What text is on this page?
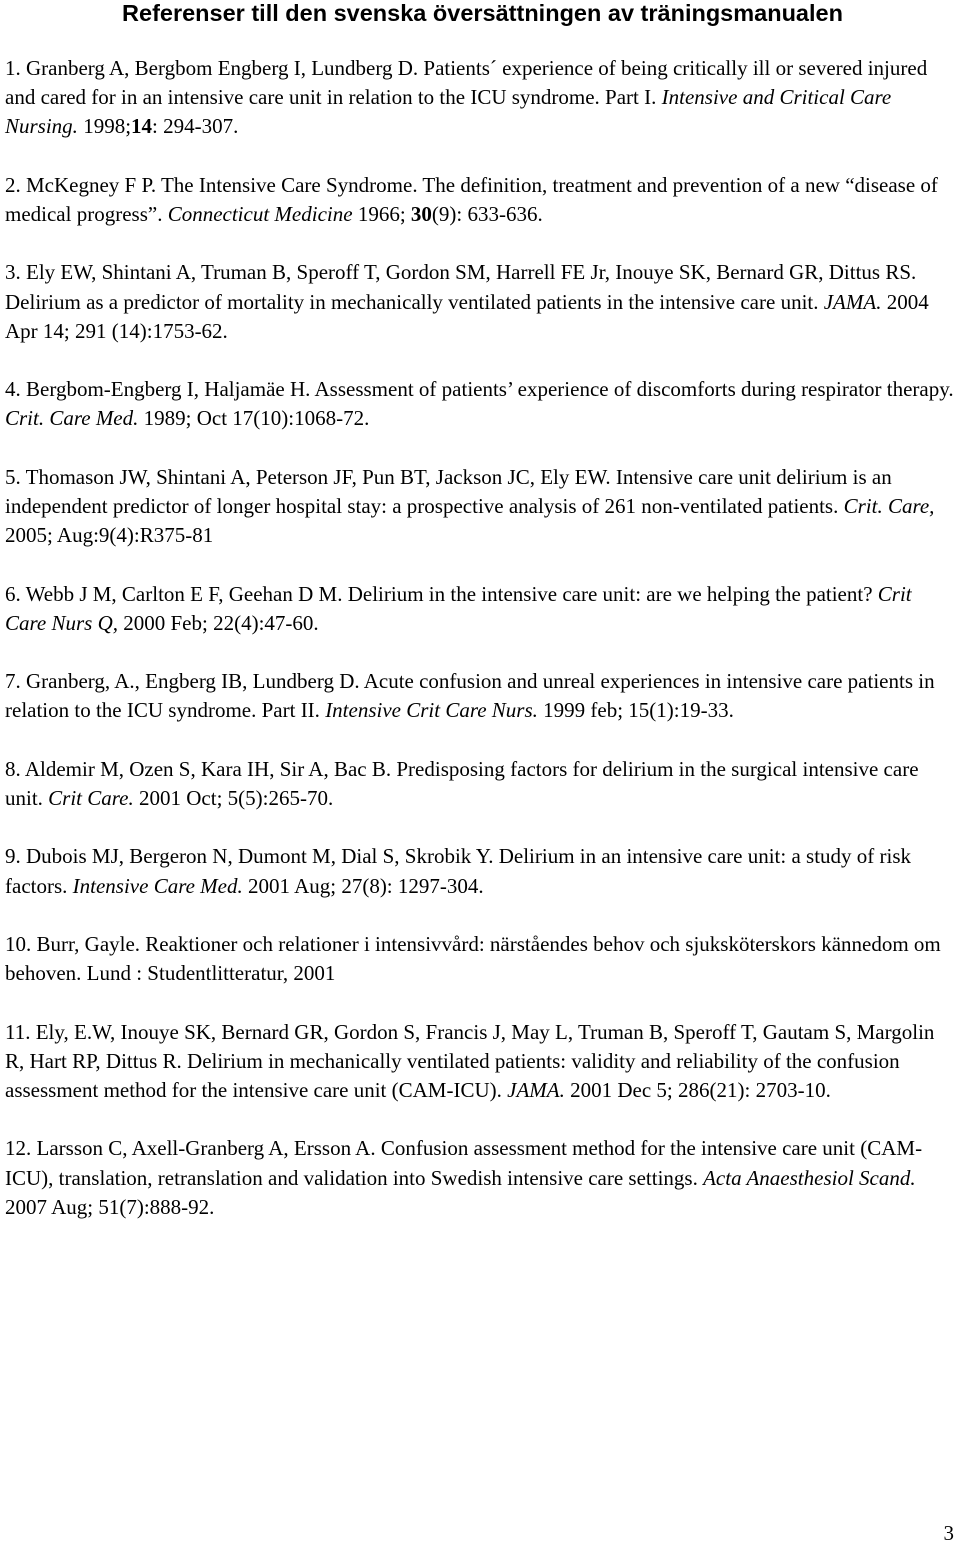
Referenser till den svenska översättningen av träningsmanualen
1. Granberg A, Bergbom Engberg I, Lundberg D. Patients´ experience of being critically ill or severed injured and cared for in an intensive care unit in relation to the ICU syndrome. Part I. Intensive and Critical Care Nursing. 1998;14: 294-307.
2. McKegney F P. The Intensive Care Syndrome. The definition, treatment and prevention of a new “disease of medical progress”. Connecticut Medicine 1966; 30(9): 633-636.
3. Ely EW, Shintani A, Truman B, Speroff T, Gordon SM, Harrell FE Jr, Inouye SK, Bernard GR, Dittus RS. Delirium as a predictor of mortality in mechanically ventilated patients in the intensive care unit. JAMA. 2004 Apr 14; 291 (14):1753-62.
4. Bergbom-Engberg I, Haljamäe H. Assessment of patients’ experience of discomforts during respirator therapy. Crit. Care Med. 1989; Oct 17(10):1068-72.
5. Thomason JW, Shintani A, Peterson JF, Pun BT, Jackson JC, Ely EW. Intensive care unit delirium is an independent predictor of longer hospital stay: a prospective analysis of 261 non-ventilated patients. Crit. Care, 2005; Aug:9(4):R375-81
6. Webb J M, Carlton E F, Geehan D M. Delirium in the intensive care unit: are we helping the patient? Crit Care Nurs Q, 2000 Feb; 22(4):47-60.
7. Granberg, A., Engberg IB, Lundberg D. Acute confusion and unreal experiences in intensive care patients in relation to the ICU syndrome. Part II. Intensive Crit Care Nurs. 1999 feb; 15(1):19-33.
8. Aldemir M, Ozen S, Kara IH, Sir A, Bac B. Predisposing factors for delirium in the surgical intensive care unit. Crit Care. 2001 Oct; 5(5):265-70.
9. Dubois MJ, Bergeron N, Dumont M, Dial S, Skrobik Y. Delirium in an intensive care unit: a study of risk factors. Intensive Care Med. 2001 Aug; 27(8): 1297-304.
10. Burr, Gayle. Reaktioner och relationer i intensivvård: närståendes behov och sjuksköterskors kännedom om behoven. Lund : Studentlitteratur, 2001
11. Ely, E.W, Inouye SK, Bernard GR, Gordon S, Francis J, May L, Truman B, Speroff T, Gautam S, Margolin R, Hart RP, Dittus R. Delirium in mechanically ventilated patients: validity and reliability of the confusion assessment method for the intensive care unit (CAM-ICU). JAMA. 2001 Dec 5; 286(21): 2703-10.
12. Larsson C, Axell-Granberg A, Ersson A. Confusion assessment method for the intensive care unit (CAM-ICU), translation, retranslation and validation into Swedish intensive care settings. Acta Anaesthesiol Scand. 2007 Aug; 51(7):888-92.
3
